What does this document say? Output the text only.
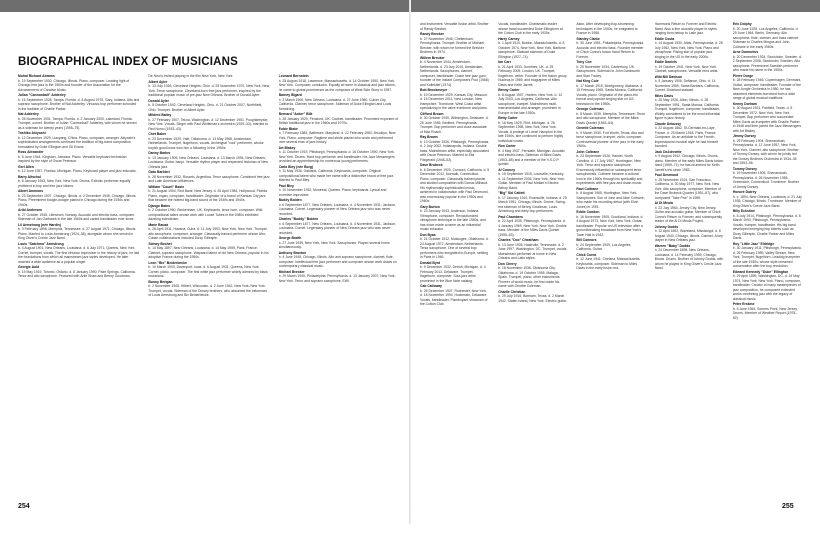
BIOGRAPHICAL INDEX OF MUSICIANS
Muhal Richard Abrams
b. 19 September 1930, Chicago, Illinois. Piano, composer. Leading light of Chicago free jazz in the 1960s and founder of the Association for the Advancement of Creative Music.
Julian "Cannonball" Adderley
b. 15 September 1928, Tampa, Florida. d. 8 August 1975, Gary, Indiana. Alto and soprano saxophone. Brother of Nat Adderley. Virtuosic bop performer schooled in the tradition of Charlie Parker.
Nat Adderley
b. 25 November 1931, Tampa, Florida. d. 2 January 2000, Lakeland, Florida. Trumpet, cornet. Brother of Julian "Cannonball" Adderley, with whom he served as a sideman for twenty years (1955–75).
Toshiko Akiyoshi
b. 12 December 1929, Liaoyang, China. Piano, composer, arranger. Akiyoshi's sophisticated arrangements continued the tradition of big-band composition formulated by Duke Ellington and Gil Evans.
Ross Alexander
b. 6 June 1944, Kingston, Jamaica. Piano. Versatile keyboard technician inspired by the style of Oscar Peterson.
Geri Allen
b. 12 June 1957, Pontiac, Michigan. Piano. Keyboard player and jazz educator.
Barry Altschul
b. 6 January 1943, New York, New York. Drums. Eclectic performer equally proficient in bop and free jazz idioms.
Albert Ammons
b. 23 September 1907, Chicago, Illinois. d. 2 December 1949, Chicago, Illinois. Piano. Preeminent boogie-woogie pianist in Chicago during the 1930s and 1940s.
Arild Andersen
b. 27 October 1945, Lillestrom, Norway. Acoustic and electric bass, composer. Sideman of Jan Garbarek in the late 1960s and varied bandleader ever since.
Lil Armstrong (née Hardin)
b. 3 February 1898, Memphis, Tennessee. d. 27 August 1971, Chicago, Illinois. Piano. Married to Louis Armstrong (1924–38), alongside whom she served in King Oliver's Creole Jazz Band.
Louis "Satchmo" Armstrong
b. 4 August 1901, New Orleans, Louisiana. d. 6 July 1971, Queens, New York. Cornet, trumpet, vocals. The first virtuoso improviser in the history of jazz, he laid the foundations from which all mainstream jazz styles developed. He later reached a wide audience as a popular singer.
Georgie Auld
b. 19 May 1919, Toronto, Ontario. d. 8 January 1990, Palm Springs, California. Tenor and alto saxophone. Featured with Artie Shaw and Benny Goodman.
De Nino's invited playing in the film New York, New York.
Albert Ayler
b. 13 July 1936, Cleveland Heights, Ohio. d. 25 November 1970, New York, New York. Tenor saxophone. Cleveland-born free jazz performer, inspired by the traditional popular music of pre-jazz New Orleans. Brother of Donald Ayler.
Donald Ayler
b. 5 October 1942, Cleveland Heights, Ohio. d. 21 October 2007, Northfield, Ohio. Trumpet. Brother of Albert Ayler.
Mildred Bailey
b. 27 February 1907, Tekoa, Washington. d. 12 December 1951, Poughkeepsie, New York. Vocals. Singer with Paul Whiteman's orchestra (1929–33); married to Red Norvo (1933–43).
Chet Baker
b. 23 December 1929, Yale, Oklahoma. d. 13 May 1988, Amsterdam, Netherlands. Trumpet, flugelhorn, vocals. Archetypal "cool" performer, whose boyish good looks won him a following in the 1950s.
Danny Barker
b. 13 January 1909, New Orleans, Louisiana. d. 13 March 1994, New Orleans, Louisiana. Guitar, banjo. Versatile rhythm player and respected historian of New Orleans jazz.
Gato Barbieri
b. 28 November 1932, Rosario, Argentina. Tenor saxophone. Combined free jazz and Latin American influences.
William "Count" Basie
b. 21 August 1904, Red Bank, New Jersey. d. 26 April 1984, Hollywood, Florida. Piano, organ, composer, bandleader. Originator of a brand of Kansas City jazz that became the hottest big-band sound of the 1930s and 1940s.
Django Bates
b. 2 October 1960, Beckenham, UK. Keyboards, tenor horn, composer. Wild compositional talent whose work with Loose Tubes in the 1980s exhibited dazzling eclecticism.
Marie Bauzá
b. 28 April 1911, Havana, Cuba. d. 11 July 1993, New York, New York. Trumpet, alto saxophone, composer, arranger. Classically trained performer whose Afro-Cuban collaborations included Dizzy Gillespie.
Sidney Bechet
b. 14 May 1897, New Orleans, Louisiana. d. 14 May 1959, Paris, France. Clarinet, soprano saxophone. Wayward talent of old New Orleans, popular in his adoptive France during the 1950s.
Leon "Bix" Beiderbecke
b. 10 March 1903, Davenport, Iowa. d. 6 August 1931, Queens, New York. Cornet, piano, composer. The first white jazz performer widely admired by black musicians.
Bunny Berigan
b. 2 November 1908, Hilbert, Wisconsin. d. 2 June 1942, New York, New York. Trumpet, vocals. Sideman of the Dorsey brothers, who absorbed the influences of Louis Armstrong and Bix Beiderbecke.
Leonard Bernstein
b. 25 August 1918, Lawrence, Massachusetts. d. 14 October 1990, New York, New York. Composer, conductor. Equally at home in classical and jazz idioms, he came to global prominence as the composer of West Side Story in 1957.
Barney Bigard
b. 3 March 1906, New Orleans, Louisiana. d. 27 June 1980, Culver City, California. Clarinet, tenor saxophone. Sideman of Duke Ellington and Louis Armstrong.
Bernard "Acker" Bilk
b. 28 January 1929, Pensford, UK. Clarinet, bandleader. Prominent exponent of British traditional jazz in the 1960s and 1970s.
Eubie Blake
b. 7 February 1883, Baltimore, Maryland. d. 12 February 1983, Brooklyn, New York. Piano, composer. Ragtime and stride pianist who wrote and performed over several eras of jazz history.
Art Blakey
b. 11 October 1919, Pittsburgh, Pennsylvania. d. 16 October 1990, New York, New York. Drums. Hard bop performer and bandleader. His Jazz Messengers provided an apprenticeship for numerous young performers.
Carla Bley (née Borg)
b. 11 May 1936, Oakland, California. Keyboards, composer. Original compositional talent who made her name with a distinctive brand of free jazz. Married to Paul Bley.
Paul Bley
b. 10 November 1932, Montreal, Quebec. Piano, keyboards. Lyrical and inventive improviser.
Buddy Bolden
b. 6 September 1877, New Orleans, Louisiana. d. 4 November 1931, Jackson, Louisiana. Cornet. Legendary pioneer of New Orleans jazz who was never recorded.
Charles "Buddy" Bolden
b. 6 September 1877, New Orleans, Louisiana. d. 4 November 1931, Jackson, Louisiana. Cornet. Legendary pioneer of New Orleans jazz who was never recorded.
George Braith
b. 27 June 1939, New York, New York. Saxophones. Played several horns simultaneously.
Anthony Braxton
b. 4 June 1945, Chicago, Illinois. Alto and soprano saxophone, clarinet, flute, composer. Intellectual free jazz performer and composer whose work draws on contemporary classical music.
Michael Brecker
b. 29 March 1949, Philadelphia, Pennsylvania. d. 13 January 2007, New York, New York. Tenor and soprano saxophone, EWI.
and instrument. Versatile fusion artist. Brother of Randy Brecker.
Randy Brecker
b. 27 November 1945, Cheltenham, Pennsylvania. Trumpet. Brother of Michael Brecker, with whom he formed the Brecker Brothers in 1974.
Willem Breuker
b. 4 November 1944, Amsterdam, Netherlands. d. 23 July 2010, Amsterdam, Netherlands. Saxophones, clarinet, composer, bandleader. Dutch free jazz guru, founder of the Instant Composers Pool (1968) and Kollektief (1974).
Bob Brookmeyer
b. 19 December 1929, Kansas City, Missouri. d. 15 December 2011, New London, New Hampshire. Trombone. West Coast artist specializing in the valve trombone and piano.
Clifford Brown
b. 30 October 1930, Wilmington, Delaware. d. 26 June 1956, Bedford, Pennsylvania. Trumpet. Bop performer and close associate of Max Roach.
Ray Brown
b. 13 October 1926, Pittsburgh, Pennsylvania. d. 2 July 2002, Indianapolis, Indiana. Double bass. Mainstream artist, especially associated with Oscar Peterson. Married to Ella Fitzgerald (1948–52).
Dave Brubeck
b. 6 December 1920, Concord, California. d. 5 December 2012, Norwalk, Connecticut. Piano, composer. Classically trained pianist and studied composition with Darius Milhaud. His rhythmically sophisticated music, achieved in collaboration with Paul Desmond, was enormously popular in the 1950s and 1960s.
Gary Burton
b. 23 January 1943, Anderson, Indiana. Vibraphone, composer. Revolutionized vibraphone technique in the late 1960s, and has since made a name as an influential music educator.
Don Byas
b. 21 October 1912, Muskogee, Oklahoma. d. 24 August 1972, Amsterdam, Netherlands. Tenor saxophone. One of several bop performers who emigrated to Europe, settling in Paris in 1946.
Donald Byrd
b. 9 December 1932, Detroit, Michigan. d. 4 February 2013, Delaware. Trumpet, flugelhorn, composer. Soul-jazz artist prominent in the Blue Note catalog.
Cab Calloway
b. 25 December 1907, Rochester, New York. d. 18 November 1994, Hockessin, Delaware. Vocals, bandleader. Flamboyant showman of the Cotton Club.
Vocals, bandleader. Charismatic leader whose band succeeded Duke Ellington's at the Cotton Club in the early 1930s.
Harry Carney
b. 1 April 1910, Boston, Massachusetts. d. 8 October 1974, New York, New York. Baritone saxophone. Stalwart sideman of Duke Ellington (1927–74).
Ian Carr
b. 21 April 1933, Dumfries, UK. d. 25 February 2009, London, UK. Trumpet, flugelhorn, writer. Founder of the fusion group Nucleus in 1969, and biographer of Miles Davis and Keith Jarrett.
Benny Carter
b. 8 August 1907, Harlem, New York. d. 12 July 2003, Los Angeles, California. Alto saxophone, trumpet. Mainstream multi-instrumentalist and arranger, prominent in Europe in the late 1930s.
Betty Carter
b. 16 May 1929, Flint, Michigan. d. 26 September 1998, New York, New York. Vocals. A protégé of Lionel Hampton in the late 1940s, she continued to perform highly individual vocals.
Ron Carter
b. 4 May 1937, Ferndale, Michigan. Acoustic and electric bass. Sideman of Miles Davis (1963–68) and a member of the V.S.O.P. quintet.
Al Cooney
b. 15 September 1915, Louisville, Kentucky. d. 11 September 2005, New York, New York. Guitar. Member of Paul Motian's Electric Bebop Band.
"Big" Sid Catlett
b. 17 January 1910, Evansville, Indiana. d. 25 March 1951, Chicago, Illinois. Drums. Swing-era sideman of Benny Goodman, Louis Armstrong and early bop performers.
Paul Chambers
b. 22 April 1935, Pittsburgh, Pennsylvania. d. 4 January 1969, New York, New York. Double bass. Member of the Miles Davis Quintet (1955–63).
Charles "Doc" Cheatham
b. 13 June 1905, Nashville, Tennessee. d. 2 June 1997, Washington, DC. Trumpet, vocals. Mainstream performer at home in New Orleans and Latin styles.
Don Cherry
b. 18 November 1936, Oklahoma City, Oklahoma. d. 19 October 1995, Malaga, Spain. Trumpet, piano, other instruments. Pioneer of world music, he first made his name with Ornette Coleman.
Charlie Christian
b. 29 July 1916, Bonham, Texas. d. 2 March 1942, Staten Island, New York. Electric guitar.
Astor. After developing bop-strumming techniques in the 1940s, he emigrated to France in 1956.
Stanley Clarke
b. 30 June 1951, Philadelphia, Pennsylvania. Acoustic and electric bass. Founder member of Chick Corea's fusion band Return to Forever.
Tony Coe
b. 29 November 1934, Canterbury, UK. Saxophones. Sideman to John Dankworth and Stan Tracey.
Nat King Cole
b. 17 March 1919, Montgomery, Alabama. d. 15 February 1965, Santa Monica, California. Vocals, piano. Originator of the piano-trio format and popular singing star on US television in the 1950s.
George Coleman
b. 8 March 1935, Memphis, Tennessee. Tenor and alto saxophone. Member of the Miles Davis Quintet (1963–64).
Ornette Coleman
b. 9 March 1930, Fort Worth, Texas. Alto and tenor saxophone, trumpet, violin, composer. Controversial pioneer of free jazz in the early 1960s.
John Coltrane
b. 23 September 1926, Hamlet, North Carolina. d. 17 July 1967, Huntington, New York. Tenor and soprano saxophone. Enormously influential on subsequent tenor saxophonists, Coltrane became a cultural icon in the 1960s through his spirituality and experiments with free jazz and Asian music.
Ravi Coltrane
b. 6 August 1965, Huntington, New York. Saxophones. Son of John and Alice Coltrane, who made his recording debut (with Elvin Jones) in 1991.
Eddie Condon
b. 16 November 1905, Goodland, Indiana. d. 4 August 1973, New York, New York. Guitar, bandleader. Popular on US television after a groundbreaking broadcast from New York's Town Hall in 1942.
Bill Connors
b. 24 September 1949, Los Angeles, California. Guitar.
Chick Corea
b. 12 June 1941, Chelsea, Massachusetts. Keyboards, composer. Sideman to Miles Davis in the early fusion era.
Hammond Return to Forever and Elektric Band. Also a fine acoustic player in styles ranging from bebop to Latin jazz.
Eddie Costa
b. 14 August 1930, Atlas, Pennsylvania. d. 28 July 1962, New York, New York. Piano and vibraphone. Rising star of popular jazz singing in the US in the early 2000s.
Eddie Daniels
b. 19 October 1941, New York, New York. Clarinet, saxophones. Versatile reed artist.
Wild Bill Davison
b. 5 January 1906, Defiance, Ohio. d. 14 November 1989, Santa Barbara, California. Cornet. Dixieland stalwart.
Miles Davis
b. 26 May 1926, Alton, Illinois. d. 28 September 1991, Santa Monica, California. Trumpet, flugelhorn, composer, bandleader. Widely considered to be the most influential figure in jazz history.
Claude Debussy
b. 22 August 1862, St-Germain-en-Laye, France. d. 25 March 1918, Paris, France. Composer. As an antidote to the French Impressionist musical style he had himself founded.
Jack DeJohnette
b. 9 August 1942, Chicago, Illinois. Drums, piano. Member of the early Miles Davis fusion band (1969–71); he has drummed for Keith Jarrett's trio since 1983.
Paul Desmond
b. 25 November 1924, San Francisco, California. d. 30 May 1977, New York, New York. Alto saxophone, composer. Member of the Dave Brubeck Quartet (1951–67), who composed "Take Five" in 1959.
Al Di Meola
b. 22 July 1954, Jersey City, New Jersey. Guitar and acoustic guitar. Member of Chick Corea's Return to Forever, and subsequently leader of the Al Di Meola Project.
Johnny Dodds
b. 12 April 1892, Waveland, Mississippi. d. 8 August 1940, Chicago, Illinois. Clarinet. A key player in New Orleans jazz.
Warren "Baby" Dodds
b. 24 December 1898, New Orleans, Louisiana. d. 14 February 1959, Chicago, Illinois. Drums. Brother of Johnny Dodds, with whom he played in King Oliver's Creole Jazz Band.
Eric Dolphy
b. 20 June 1928, Los Angeles, California. d. 29 June 1964, Berlin, Germany. Alto saxophone, flute, clarinet, and bass clarinet. Sideman to Charles Mingus and John Coltrane in the early 1960s.
Arne Domnérus
b. 20 December 1924, Stockholm, Sweden. d. 2 September 2008, Stockholm, Sweden. Alto saxophone. Preeminent Swedish performer who made his name in the 1950s.
Pierre Dorge
b. 28 February 1946, Copenhagen, Denmark. Guitar, composer, bandleader. Founder of the New Jungle Orchestra in 1980, he has absorbed elements borrowed from a wide range of global musical traditions.
Kenny Dorham
b. 30 August 1924, Fairfield, Texas. d. 5 December 1972, New York, New York. Trumpet. Bop performer who succeeded Miles Davis as trumpeter with Charlie Parker in 1948 and then joined the Jazz Messengers with Art Blakey.
Jimmy Dorsey
b. 29 February 1904, Shenandoah, Pennsylvania. d. 12 June 1957, New York, New York. Clarinet, alto saxophone. Brother of Tommy Dorsey, with whom he jointly led the Dorsey Brothers Orchestra in 1934–35 and 1953–56.
Tommy Dorsey
b. 19 November 1905, Shenandoah, Pennsylvania. d. 26 November 1956, Greenwich, Connecticut. Trombone. Brother of Jimmy Dorsey.
Honoré Dutrey
b. c. 1894, New Orleans, Louisiana. d. 21 July 1935, Chicago, Illinois. Trombone. Member of King Oliver's Creole Jazz Band.
Billy Eckstine
b. 8 July 1914, Pittsburgh, Pennsylvania. d. 8 March 1993, Pittsburgh, Pennsylvania. Vocals, trumpet, bandleader. His big band developed emerging bop talents such as Dizzy Gillespie, Charlie Parker and Miles Davis.
Roy "Little Jazz" Eldridge
b. 30 January 1911, Pittsburgh, Pennsylvania. d. 26 February 1989, Valley Stream, New York. Trumpet, flugelhorn. Leading trumpeter of the late 1930s, whose style remained conservative after the bop revolution.
Edward Kennedy "Duke" Ellington
b. 29 April 1899, Washington, DC. d. 24 May 1974, New York, New York. Piano, composer, bandleader. Creator of many masterpieces of jazz composition, he composed extended works combining jazz with the legacy of classical music.
Peter Erskine
b. 5 June 1954, Somers Point, New Jersey. Drums. Member of Weather Report (1978–82).
254	255
